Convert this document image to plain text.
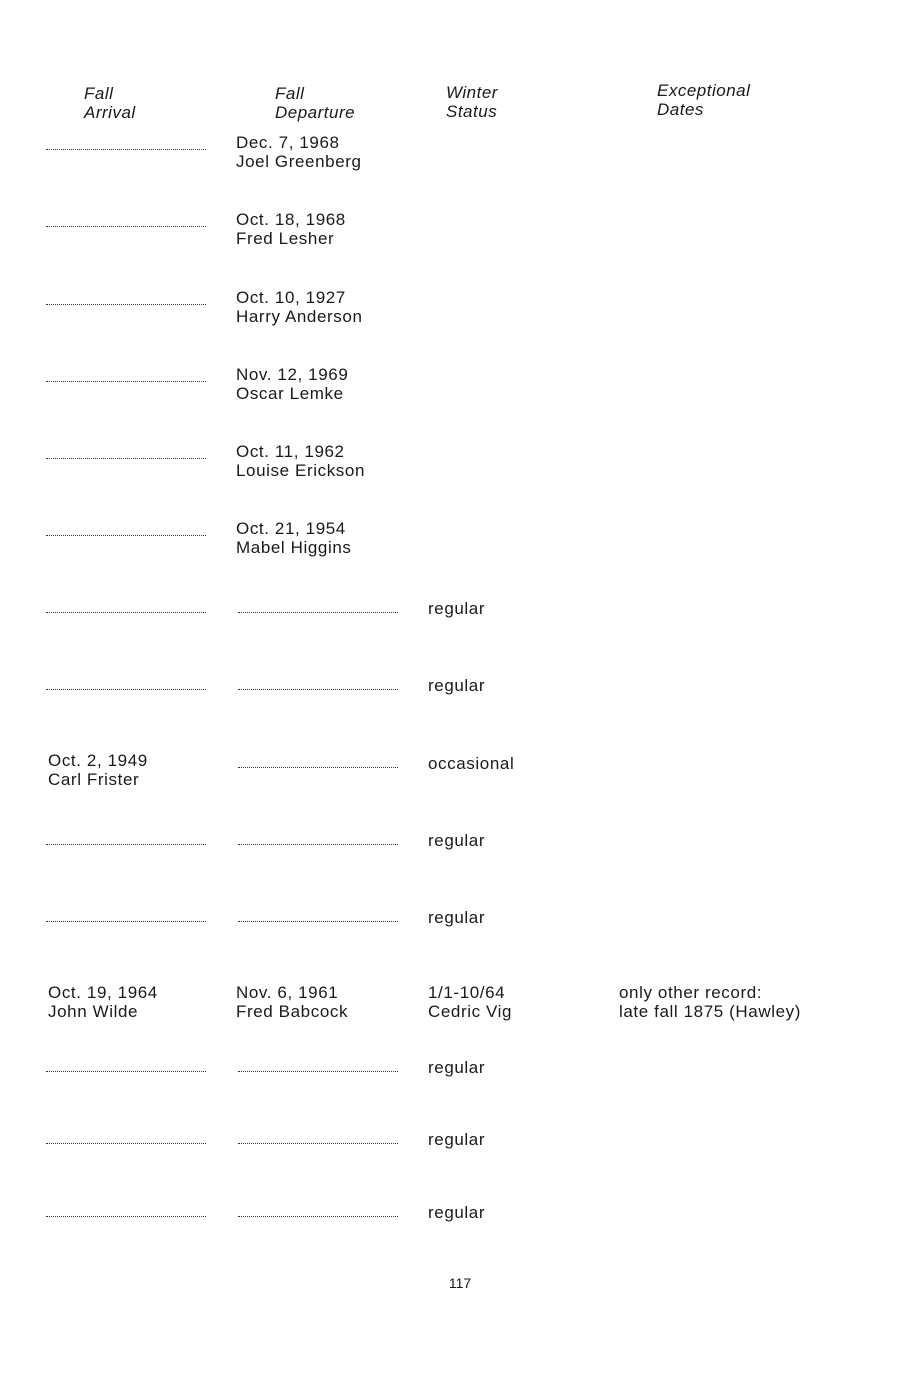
Fall
Arrival
Fall
Departure
Winter
Status
Exceptional
Dates
Dec. 7, 1968
Joel Greenberg
Oct. 18, 1968
Fred Lesher
Oct. 10, 1927
Harry Anderson
Nov. 12, 1969
Oscar Lemke
Oct. 11, 1962
Louise Erickson
Oct. 21, 1954
Mabel Higgins
regular
regular
Oct. 2, 1949
Carl Frister
occasional
regular
regular
Oct. 19, 1964
John Wilde
Nov. 6, 1961
Fred Babcock
1/1-10/64
Cedric Vig
only other record:
late fall 1875 (Hawley)
regular
regular
regular
117
